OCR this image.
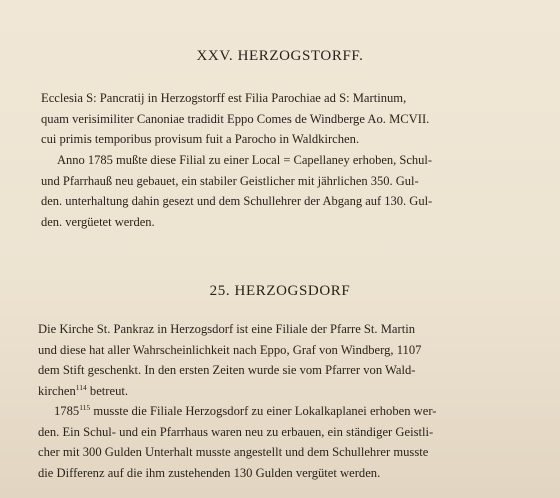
XXV. HERZOGSTORFF.

Ecclesia S: Pancratij in Herzogstorff est Filia Parochiae ad S: Martinum,
quam verisimiliter Canoniae tradidit Eppo Comes de Windberge Ao. MCVII.
cui primis temporibus provisum fuit a Parocho in Waldkirchen.

Anno 1785 mußte diese Filial zu einer Local = Capellaney erhoben, Schul-
und Pfarrhauß neu gebauet, ein stabiler Geistlicher mit jährlichen 350. Gul-
den. unterhaltung dahin gesezt und dem Schullehrer der Abgang auf 130. Gul-
den. vergüetet werden.

25. HERZOGSDORF

Die Kirche St. Pankraz in Herzogsdorf ist eine Filiale der Pfarre St. Martin
und diese hat aller Wahrscheinlichkeit nach Eppo, Graf von Windberg, 1107
dem Stift geschenkt. In den ersten Zeiten wurde sie vom Pfarrer von Wald-
kirchen$^{114}$ betreut.

1785$^{115}$ musste die Filiale Herzogsdorf zu einer Lokalkaplanei erhoben wer-
den. Ein Schul- und ein Pfarrhaus waren neu zu erbauen, ein ständiger Geistli-
cher mit 300 Gulden Unterhalt musste angestellt und dem Schullehrer musste
die Differenz auf die ihm zustehenden 130 Gulden vergütet werden.
